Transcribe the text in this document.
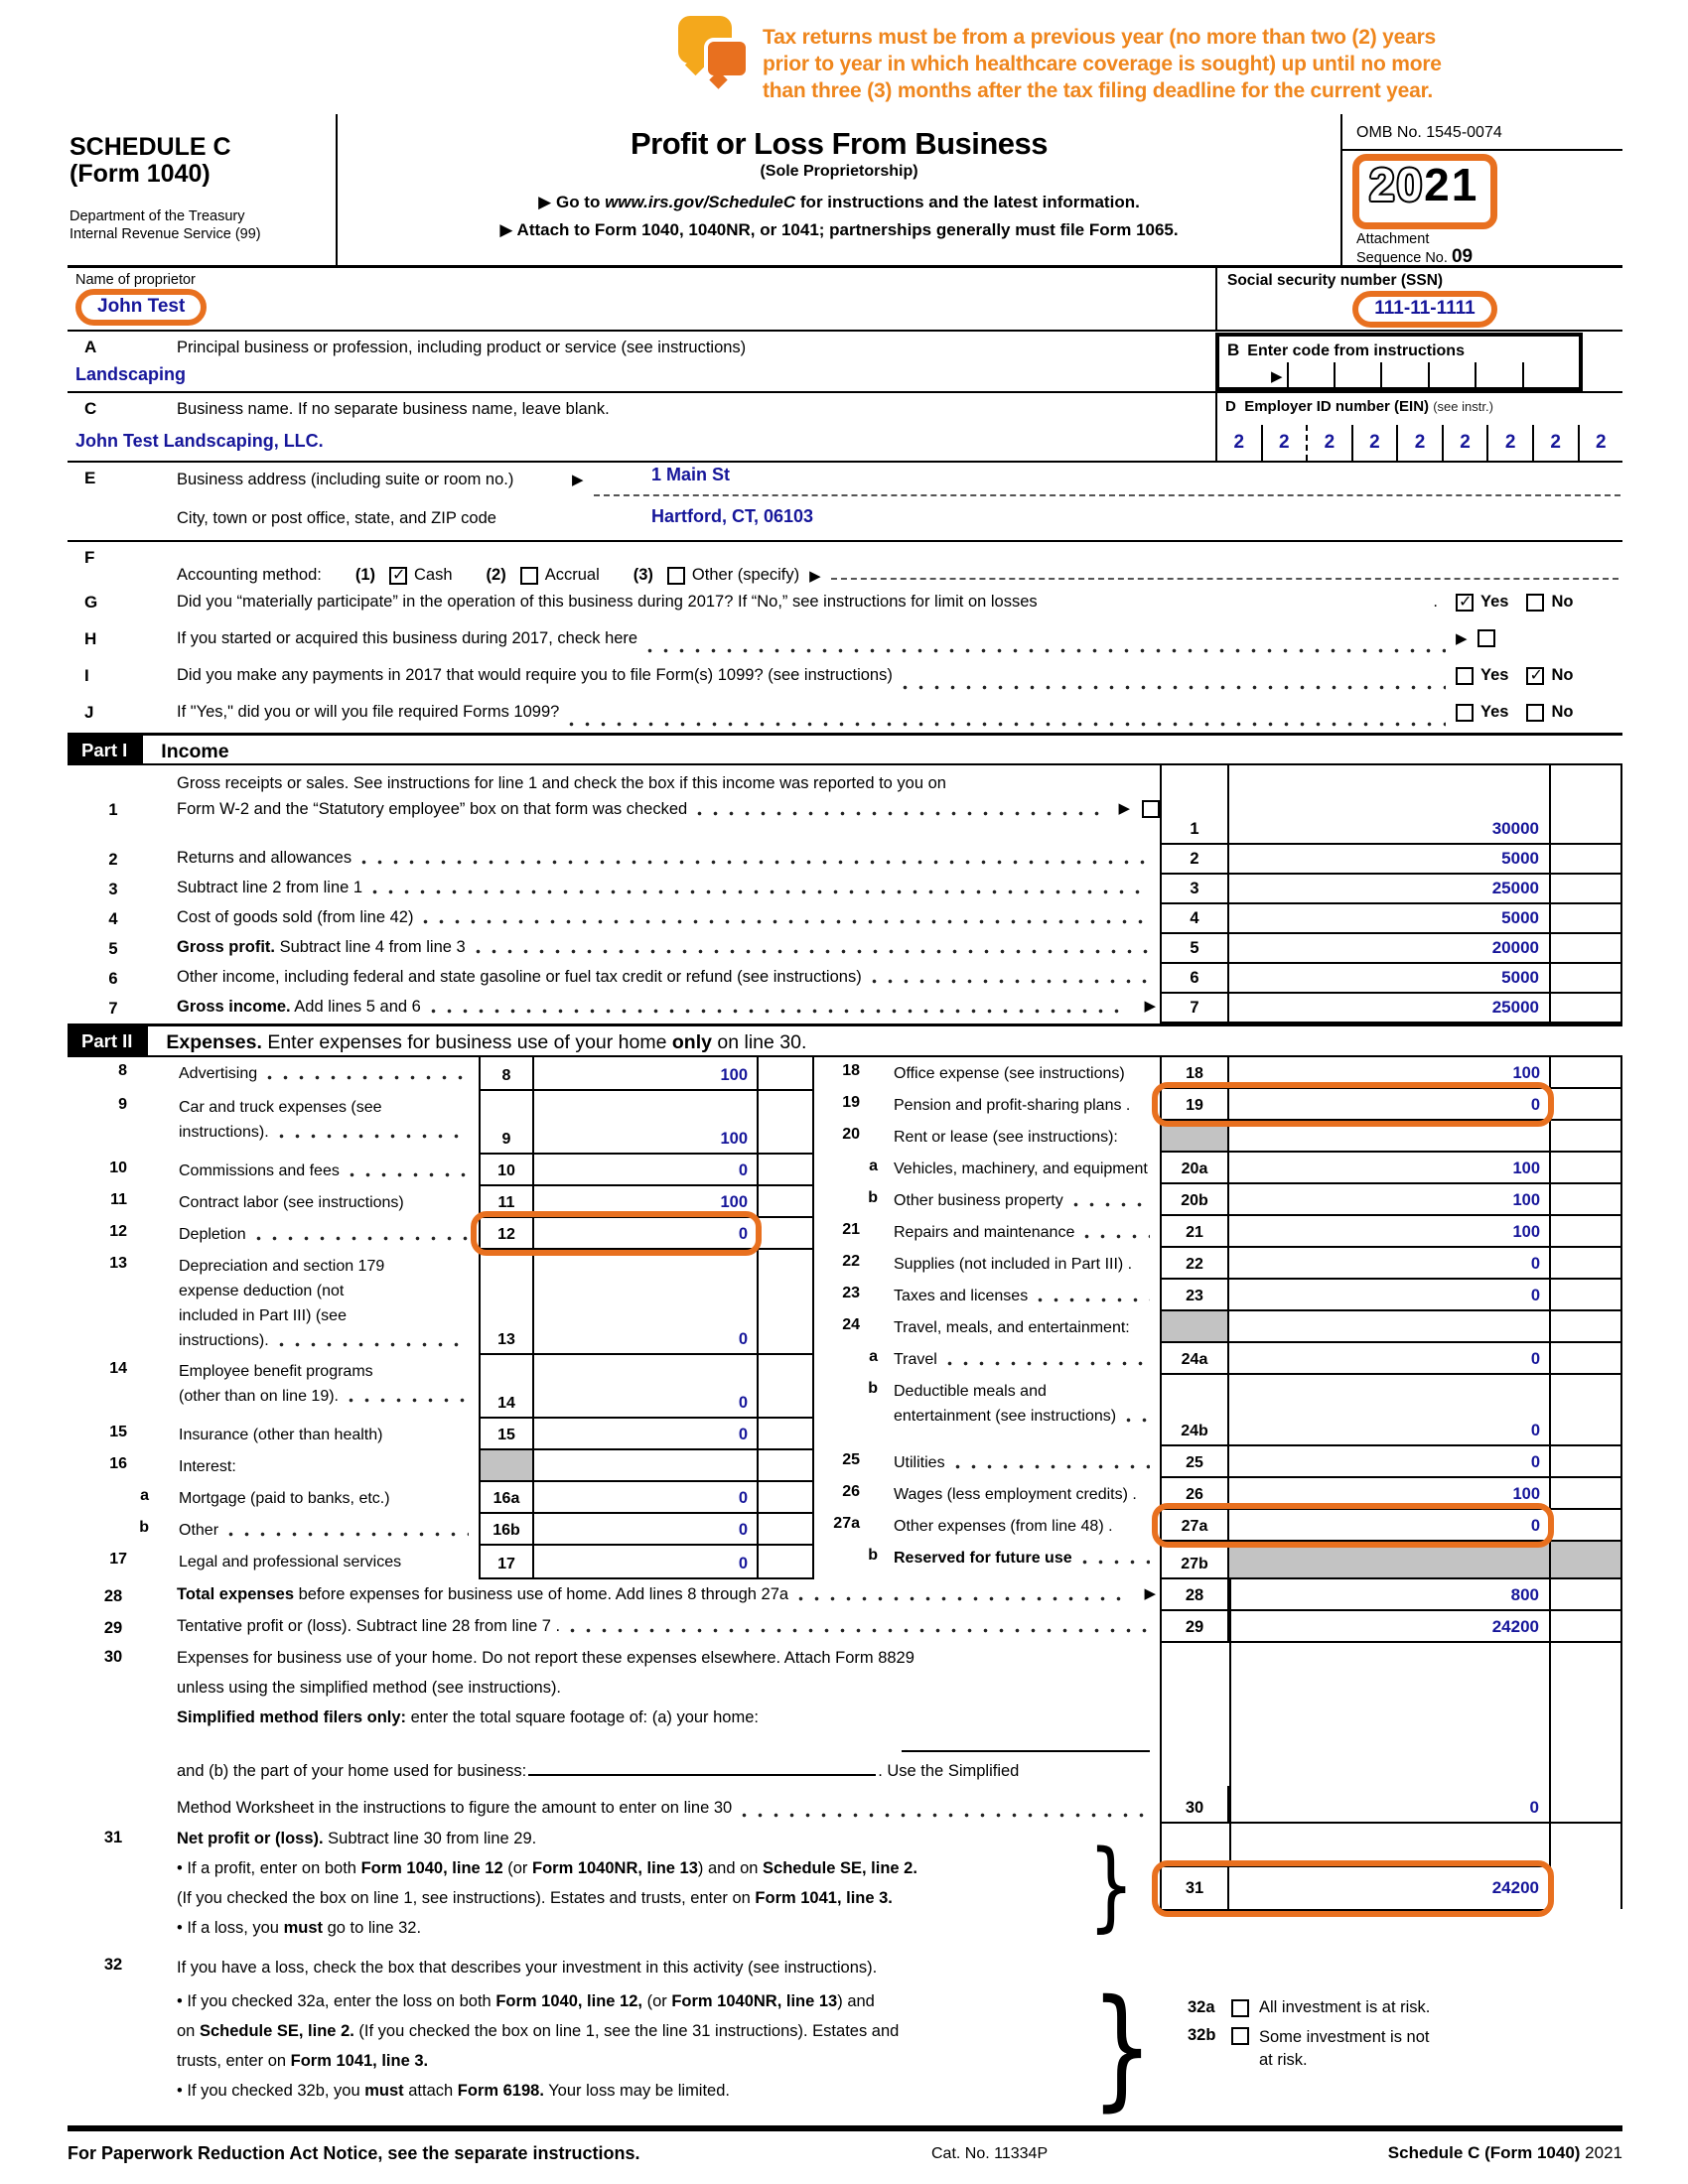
Tax returns must be from a previous year (no more than two (2) years
prior to year in which healthcare coverage is sought) up until no more
than three (3) months after the tax filing deadline for the current year.
SCHEDULE C
(Form 1040)
Department of the Treasury
Internal Revenue Service (99)
Profit or Loss From Business
(Sole Proprietorship)
▶ Go to www.irs.gov/ScheduleC for instructions and the latest information.
▶ Attach to Form 1040, 1040NR, or 1041; partnerships generally must file Form 1065.
OMB No. 1545-0074
2021
Attachment
Sequence No. 09
Name of proprietor
John Test
Social security number (SSN)
111-11-1111
A	Principal business or profession, including product or service (see instructions)
Landscaping
B Enter code from instructions
▶
C	Business name. If no separate business name, leave blank.
John Test Landscaping, LLC.
D Employer ID number (EIN) (see instr.)
2	2	2	2	2	2	2	2	2
E	Business address (including suite or room no.)	▶	1 Main St
City, town or post office, state, and ZIP code	Hartford, CT, 06103
F
Accounting method: (1) ✓ Cash (2) Accrual (3) Other (specify) ▶
G	Did you “materially participate” in the operation of this business during 2017? If “No,” see instructions for limit on losses	.	✓ Yes	No
H	If you started or acquired this business during 2017, check here	▶
I	Did you make any payments in 2017 that would require you to file Form(s) 1099? (see instructions)	Yes ✓ No
J	If "Yes," did you or will you file required Forms 1099?	Yes	No
Part I	Income
1
Gross receipts or sales. See instructions for line 1 and check the box if this income was reported to you on
Form W-2 and the “Statutory employee” box on that form was checked	▶
1	30000
2	Returns and allowances	2	5000
3	Subtract line 2 from line 1	3	25000
4	Cost of goods sold (from line 42)	4	5000
5	Gross profit. Subtract line 4 from line 3	5	20000
6	Other income, including federal and state gasoline or fuel tax credit or refund (see instructions)	6	5000
7	Gross income. Add lines 5 and 6	▶	7	25000
Part II	Expenses. Enter expenses for business use of your home only on line 30.
8	Advertising	8	100
9	Car and truck expenses (see
instructions).	9	100
10	Commissions and fees	10	0
11	Contract labor (see instructions)	11	100
12	Depletion	12	0
13	Depreciation and section 179
expense deduction (not
included in Part III) (see
instructions).	13	0
14	Employee benefit programs
(other than on line 19).	14	0
15	Insurance (other than health)	15	0
16	Interest:
a Mortgage (paid to banks, etc.)	16a	0
b Other	16b	0
17	Legal and professional services	17	0
18 Office expense (see instructions)	18	100
19 Pension and profit-sharing plans .	19	0
20 Rent or lease (see instructions):
a Vehicles, machinery, and equipment	20a	100
b Other business property	20b	100
21 Repairs and maintenance	21	100
22 Supplies (not included in Part III) .	22	0
23 Taxes and licenses	23	0
24 Travel, meals, and entertainment:
a Travel	24a	0
b Deductible meals and
entertainment (see instructions)
24b	0
25 Utilities	25	0
26 Wages (less employment credits) .	26	100
27a Other expenses (from line 48) .	27a	0
b Reserved for future use	27b
28	Total expenses before expenses for business use of home. Add lines 8 through 27a	▶	28	800
29	Tentative profit or (loss). Subtract line 28 from line 7 .	29	24200
30	Expenses for business use of your home. Do not report these expenses elsewhere. Attach Form 8829
unless using the simplified method (see instructions).
Simplified method filers only: enter the total square footage of: (a) your home:
and (b) the part of your home used for business:	. Use the Simplified
Method Worksheet in the instructions to figure the amount to enter on line 30	30	0
31	Net profit or (loss). Subtract line 30 from line 29.
• If a profit, enter on both Form 1040, line 12 (or Form 1040NR, line 13) and on Schedule SE, line 2.
(If you checked the box on line 1, see instructions). Estates and trusts, enter on Form 1041, line 3.
• If a loss, you must go to line 32.	}	31	24200
32	If you have a loss, check the box that describes your investment in this activity (see instructions).
• If you checked 32a, enter the loss on both Form 1040, line 12, (or Form 1040NR, line 13) and
on Schedule SE, line 2. (If you checked the box on line 1, see the line 31 instructions). Estates and
trusts, enter on Form 1041, line 3.
• If you checked 32b, you must attach Form 6198. Your loss may be limited.	} 32a	All investment is at risk.
32b	Some investment is not
at risk.
For Paperwork Reduction Act Notice, see the separate instructions.	Cat. No. 11334P	Schedule C (Form 1040) 2021
